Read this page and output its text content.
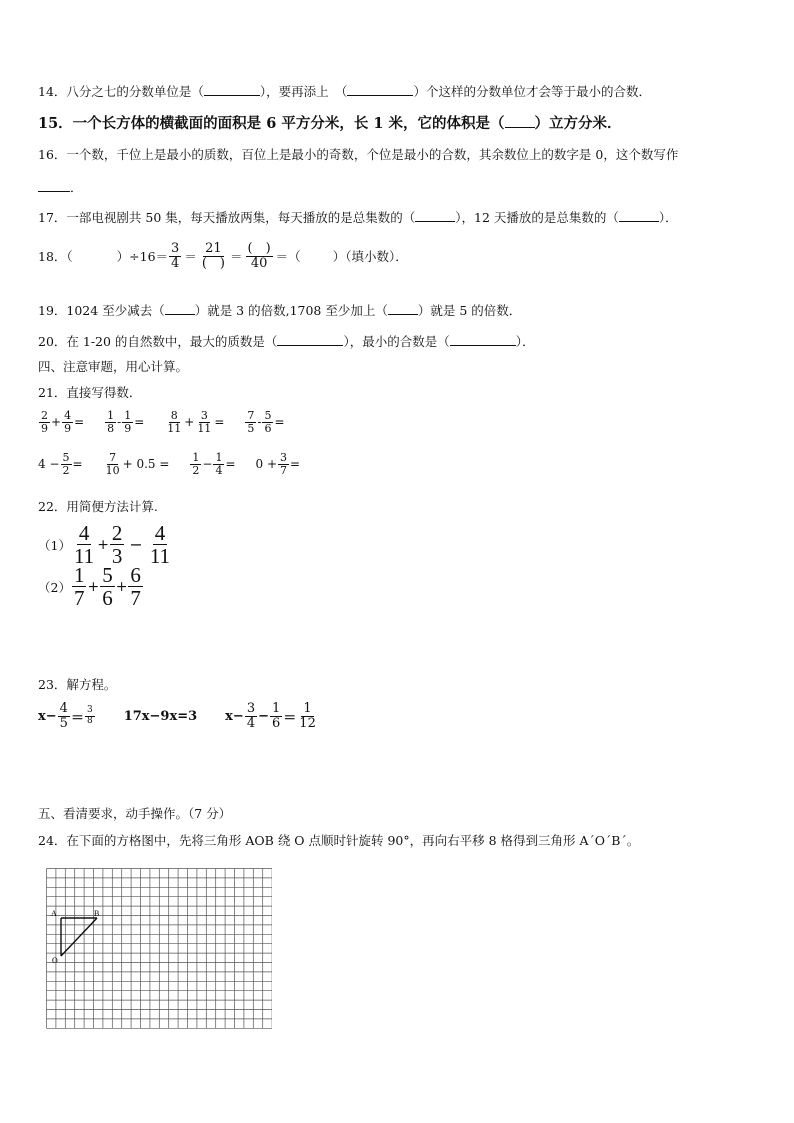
14．八分之七的分数单位是（	），要再添上　（	）个这样的分数单位才会等于最小的合数．
15．一个长方体的横截面的面积是 6 平方分米，长 1 米，它的体积是（ ）立方分米．
16．一个数，千位上是最小的质数，百位上是最小的奇数，个位是最小的合数，其余数位上的数字是 0，这个数写作
．
17．一部电视剧共 50 集，每天播放两集，每天播放的是总集数的（	），12 天播放的是总集数的（	）．
18．（	）$\div 16= \frac{3}{4} = \frac{21}{( )} = \frac{( )}{40}$ ＝（	）（填小数）．
19．1024 至少减去（ ）就是 3 的倍数,1708 至少加上（ ）就是 5 的倍数．
20．在 1-20 的自然数中，最大的质数是（	），最小的合数是（	）．
四、注意审题，用心计算。
21．直接写得数．
$\frac{2}{9} + \frac{4}{9} = \frac{1}{8} - \frac{1}{9} = \frac{8}{11} + \frac{3}{11} = \frac{7}{5} - \frac{5}{6}$ =
$4 - \frac{5}{2} = \frac{7}{10} + 0.5 = \frac{1}{2} - \frac{1}{4} = 0 + \frac{3}{7}$ =
22．用简便方法计算.
$(1) \frac{4}{11} + \frac{2}{3} - \frac{4}{11}$
$(2) \frac{1}{7} + \frac{5}{6} + \frac{6}{7}$
23．解方程。
$x- \frac{4}{5} = \frac{3}{8} 17x-9x=3$ $x- \frac{3}{4} - \frac{1}{6} = \frac{1}{12}$
五、看清要求，动手操作。（7 分）
24．在下面的方格图中，先将三角形 AOB 绕 O 点顺时针旋转 90°，再向右平移 8 格得到三角形 A´O´B´。
A	B
O
